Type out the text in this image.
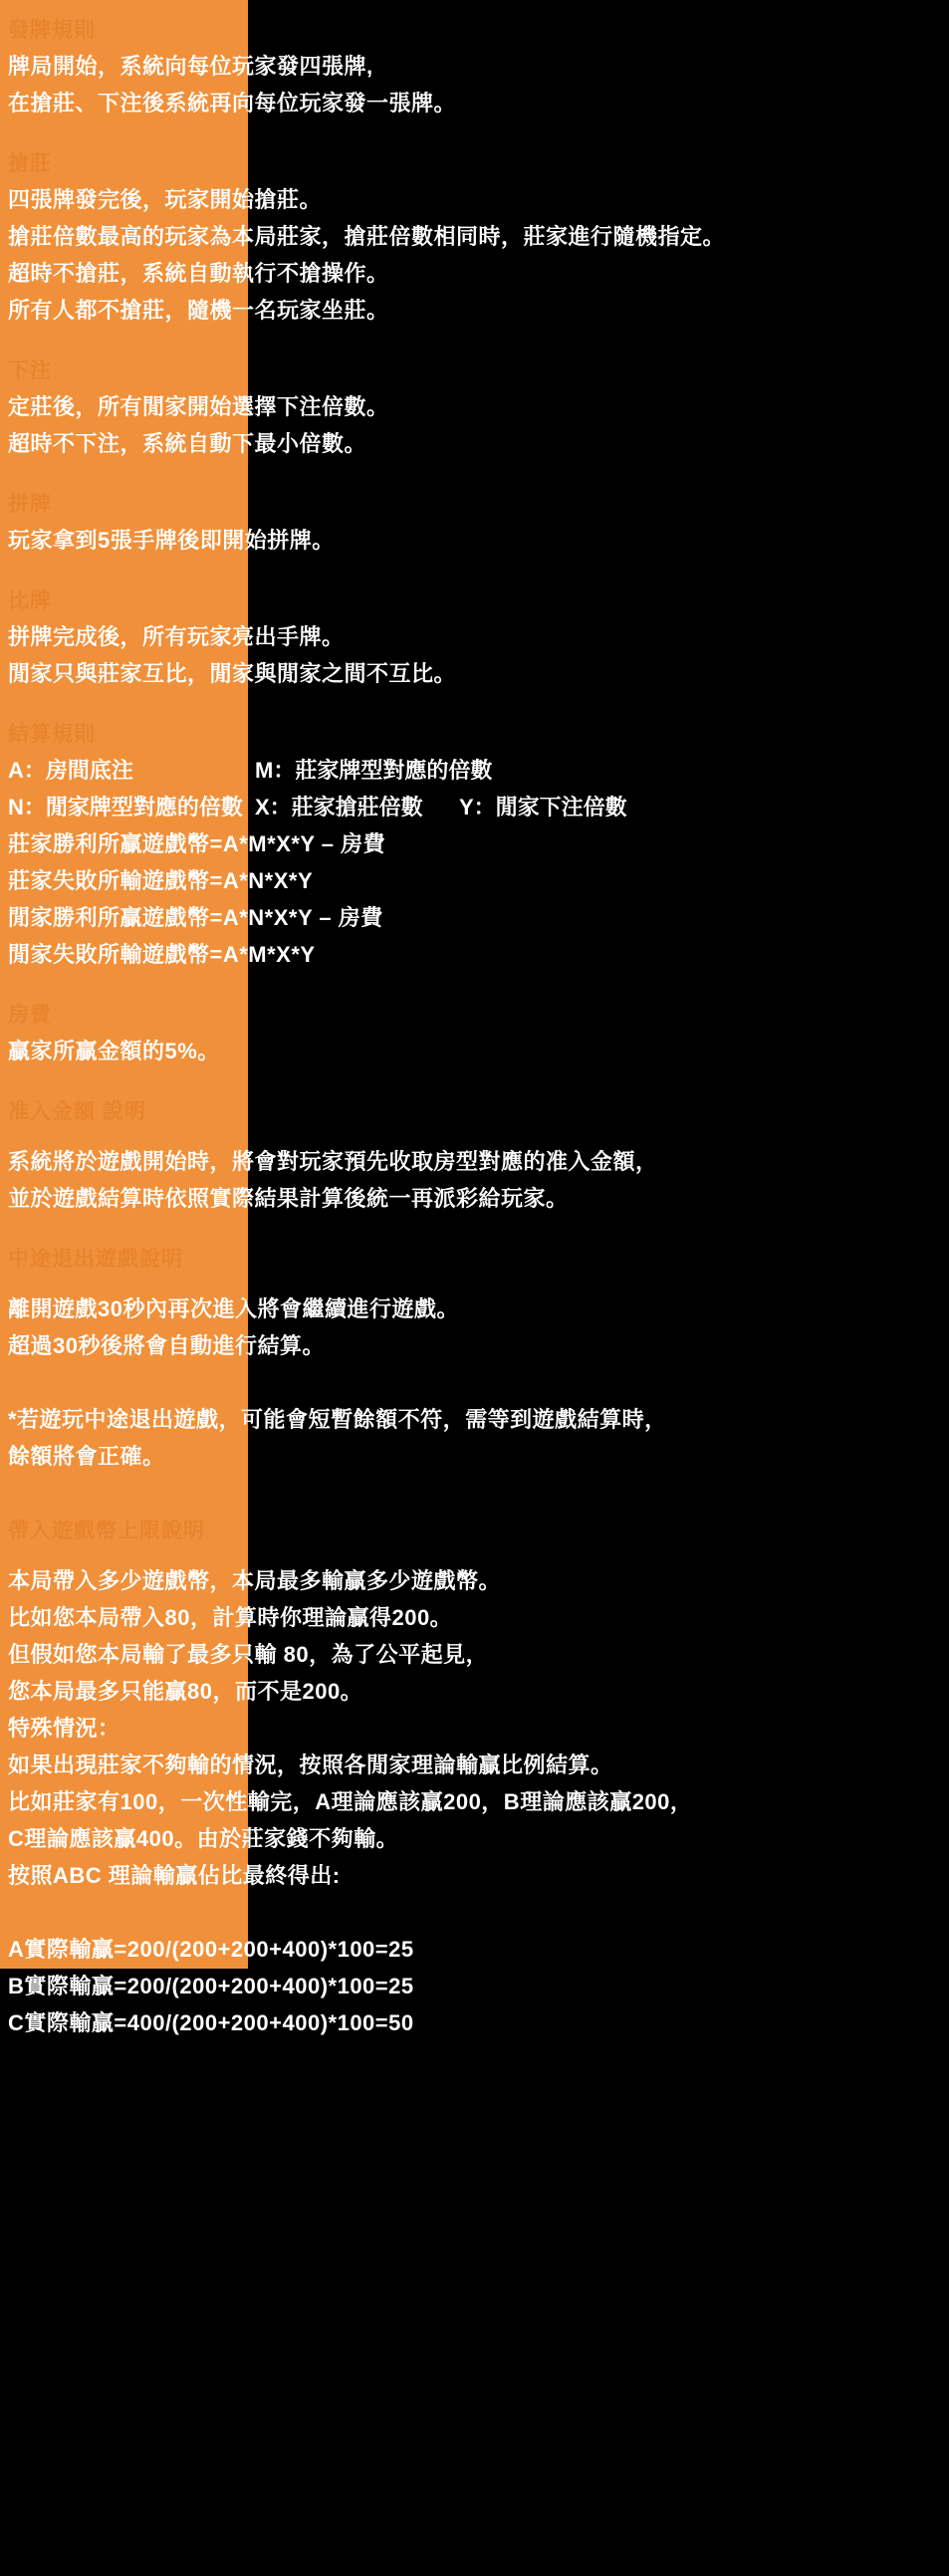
發牌規則
牌局開始，系統向每位玩家發四張牌,
在搶莊、下注後系統再向每位玩家發一張牌。
搶莊
四張牌發完後，玩家開始搶莊。
搶莊倍數最高的玩家為本局莊家，搶莊倍數相同時，莊家進行隨機指定。
超時不搶莊，系統自動執行不搶操作。
所有人都不搶莊，隨機一名玩家坐莊。
下注
定莊後，所有閒家開始選擇下注倍數。
超時不下注，系統自動下最小倍數。
拼牌
玩家拿到5張手牌後即開始拼牌。
比牌
拼牌完成後，所有玩家亮出手牌。
閒家只與莊家互比，閒家與閒家之間不互比。
結算規則
A：房間底注	M：莊家牌型對應的倍數
N：閒家牌型對應的倍數 X：莊家搶莊倍數 Y：閒家下注倍數
莊家勝利所贏遊戲幣=A*M*X*Y – 房費
莊家失敗所輸遊戲幣=A*N*X*Y
閒家勝利所贏遊戲幣=A*N*X*Y – 房費
閒家失敗所輸遊戲幣=A*M*X*Y
房費
贏家所贏金額的5%。
准入金額 說明
系統將於遊戲開始時，將會對玩家預先收取房型對應的准入金額，
並於遊戲結算時依照實際結果計算後統一再派彩給玩家。
中途退出遊戲說明
離開遊戲30秒內再次進入將會繼續進行遊戲。
超過30秒後將會自動進行結算。

*若遊玩中途退出遊戲，可能會短暫餘額不符，需等到遊戲結算時，
餘額將會正確。
帶入遊戲幣上限說明
本局帶入多少遊戲幣，本局最多輸贏多少遊戲幣。
比如您本局帶入80，計算時你理論贏得200。
但假如您本局輸了最多只輸 80，為了公平起見，
您本局最多只能贏80，而不是200。
特殊情況：
如果出現莊家不夠輸的情況，按照各閒家理論輸贏比例結算。
比如莊家有100，一次性輸完，A理論應該贏200，B理論應該贏200，
C理論應該贏400。由於莊家錢不夠輸。
按照ABC 理論輸贏佔比最終得出:

A實際輸贏=200/(200+200+400)*100=25
B實際輸贏=200/(200+200+400)*100=25
C實際輸贏=400/(200+200+400)*100=50
